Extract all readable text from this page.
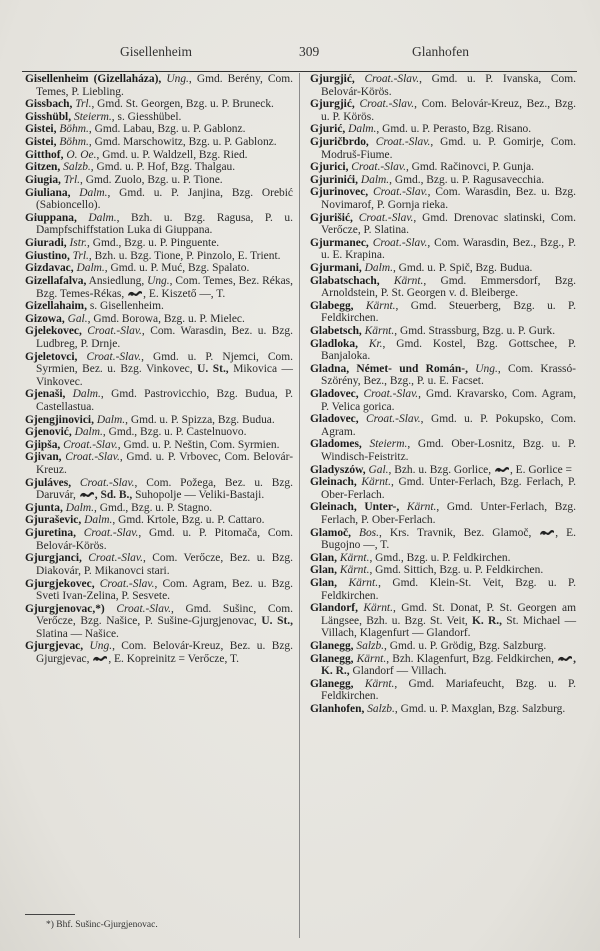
Gisellenheim	309	Glanhofen
Gisellenheim (Gizellaháza), Ung., Gmd. Berény, Com. Temes, P. Liebling.
Gissbach, Trl., Gmd. St. Georgen, Bzg. u. P. Bruneck.
Gisshübl, Steierm., s. Giesshübel.
Gistei, Böhm., Gmd. Labau, Bzg. u. P. Gablonz.
Gistei, Böhm., Gmd. Marschowitz, Bzg. u. P. Gablonz.
Gitthof, O. Oe., Gmd. u. P. Waldzell, Bzg. Ried.
Gitzen, Salzb., Gmd. u. P. Hof, Bzg. Thalgau.
Giugia, Trl., Gmd. Zuolo, Bzg. u. P. Tione.
Giuliana, Dalm., Gmd. u. P. Janjina, Bzg. Orebić (Sabioncello).
Giuppana, Dalm., Bzh. u. Bzg. Ragusa, P. u. Dampfschiffstation Luka di Giuppana.
Giuradi, Istr., Gmd., Bzg. u. P. Pinguente.
Giustino, Trl., Bzh. u. Bzg. Tione, P. Pinzolo, E. Trient.
Gizdavac, Dalm., Gmd. u. P. Muć, Bzg. Spalato.
Gizellafalva, Ansiedlung, Ung., Com. Temes, Bez. Rékas, Bzg. Temes-Rékas, , E. Kiszető —, T.
Gizellahaim, s. Gisellenheim.
Gizowa, Gal., Gmd. Borowa, Bzg. u. P. Mielec.
Gjelekovec, Croat.-Slav., Com. Warasdin, Bez. u. Bzg. Ludbreg, P. Drnje.
Gjeletovci, Croat.-Slav., Gmd. u. P. Njemci, Com. Syrmien, Bez. u. Bzg. Vinkovec, U. St., Mikovica — Vinkovec.
Gjenaši, Dalm., Gmd. Pastrovicchio, Bzg. Budua, P. Castellastua.
Gjengjinovici, Dalm., Gmd. u. P. Spizza, Bzg. Budua.
Gjenović, Dalm., Gmd., Bzg. u. P. Castelnuovo.
Gjipša, Croat.-Slav., Gmd. u. P. Neštin, Com. Syrmien.
Gjivan, Croat.-Slav., Gmd. u. P. Vrbovec, Com. Belovár-Kreuz.
Gjuláves, Croat.-Slav., Com. Požega, Bez. u. Bzg. Daruvár, , Sd. B., Suhopolje — Veliki-Bastaji.
Gjunta, Dalm., Gmd., Bzg. u. P. Stagno.
Gjuraševic, Dalm., Gmd. Krtole, Bzg. u. P. Cattaro.
Gjuretina, Croat.-Slav., Gmd. u. P. Pitomača, Com. Belovár-Körös.
Gjurgjanci, Croat.-Slav., Com. Verőcze, Bez. u. Bzg. Diakovár, P. Mikanovci stari.
Gjurgjekovec, Croat.-Slav., Com. Agram, Bez. u. Bzg. Sveti Ivan-Zelina, P. Sesvete.
Gjurgjenovac,*) Croat.-Slav., Gmd. Sušinc, Com. Verőcze, Bzg. Našice, P. Sušine-Gjurgjenovac, U. St., Slatina — Našice.
Gjurgjevac, Ung., Com. Belovár-Kreuz, Bez. u. Bzg. Gjurgjevac, , E. Kopreinitz = Verőcze, T.
Gjurgjić, Croat.-Slav., Gmd. u. P. Ivanska, Com. Belovár-Körös.
Gjurgjić, Croat.-Slav., Com. Belovár-Kreuz, Bez., Bzg. u. P. Körös.
Gjurić, Dalm., Gmd. u. P. Perasto, Bzg. Risano.
Gjuričbrdo, Croat.-Slav., Gmd. u. P. Gomirje, Com. Modruš-Fiume.
Gjurici, Croat.-Slav., Gmd. Račinovci, P. Gunja.
Gjurinići, Dalm., Gmd., Bzg. u. P. Ragusavecchia.
Gjurinovec, Croat.-Slav., Com. Warasdin, Bez. u. Bzg. Novimarof, P. Gornja rieka.
Gjurišić, Croat.-Slav., Gmd. Drenovac slatinski, Com. Verőcze, P. Slatina.
Gjurmanec, Croat.-Slav., Com. Warasdin, Bez., Bzg., P. u. E. Krapina.
Gjurmani, Dalm., Gmd. u. P. Spič, Bzg. Budua.
Glabatschach, Kärnt., Gmd. Emmersdorf, Bzg. Arnoldstein, P. St. Georgen v. d. Bleiberge.
Glabegg, Kärnt., Gmd. Steuerberg, Bzg. u. P. Feldkirchen.
Glabetsch, Kärnt., Gmd. Strassburg, Bzg. u. P. Gurk.
Gladloka, Kr., Gmd. Kostel, Bzg. Gottschee, P. Banjaloka.
Gladna, Német- und Román-, Ung., Com. Krassó-Szörény, Bez., Bzg., P. u. E. Facset.
Gladovec, Croat.-Slav., Gmd. Kravarsko, Com. Agram, P. Velica gorica.
Gladovec, Croat.-Slav., Gmd. u. P. Pokupsko, Com. Agram.
Gladomes, Steierm., Gmd. Ober-Losnitz, Bzg. u. P. Windisch-Feistritz.
Gladyszów, Gal., Bzh. u. Bzg. Gorlice, , E. Gorlice =
Gleinach, Kärnt., Gmd. Unter-Ferlach, Bzg. Ferlach, P. Ober-Ferlach.
Gleinach, Unter-, Kärnt., Gmd. Unter-Ferlach, Bzg. Ferlach, P. Ober-Ferlach.
Glamoč, Bos., Krs. Travnik, Bez. Glamoč, , E. Bugojno —, T.
Glan, Kärnt., Gmd., Bzg. u. P. Feldkirchen.
Glan, Kärnt., Gmd. Sittich, Bzg. u. P. Feldkirchen.
Glan, Kärnt., Gmd. Klein-St. Veit, Bzg. u. P. Feldkirchen.
Glandorf, Kärnt., Gmd. St. Donat, P. St. Georgen am Längsee, Bzh. u. Bzg. St. Veit, K. R., St. Michael — Villach, Klagenfurt — Glandorf.
Glanegg, Salzb., Gmd. u. P. Grödig, Bzg. Salzburg.
Glanegg, Kärnt., Bzh. Klagenfurt, Bzg. Feldkirchen, , K. R., Glandorf — Villach.
Glanegg, Kärnt., Gmd. Mariafeucht, Bzg. u. P. Feldkirchen.
Glanhofen, Salzb., Gmd. u. P. Maxglan, Bzg. Salzburg.
*) Bhf. Sušinc-Gjurgjenovac.
